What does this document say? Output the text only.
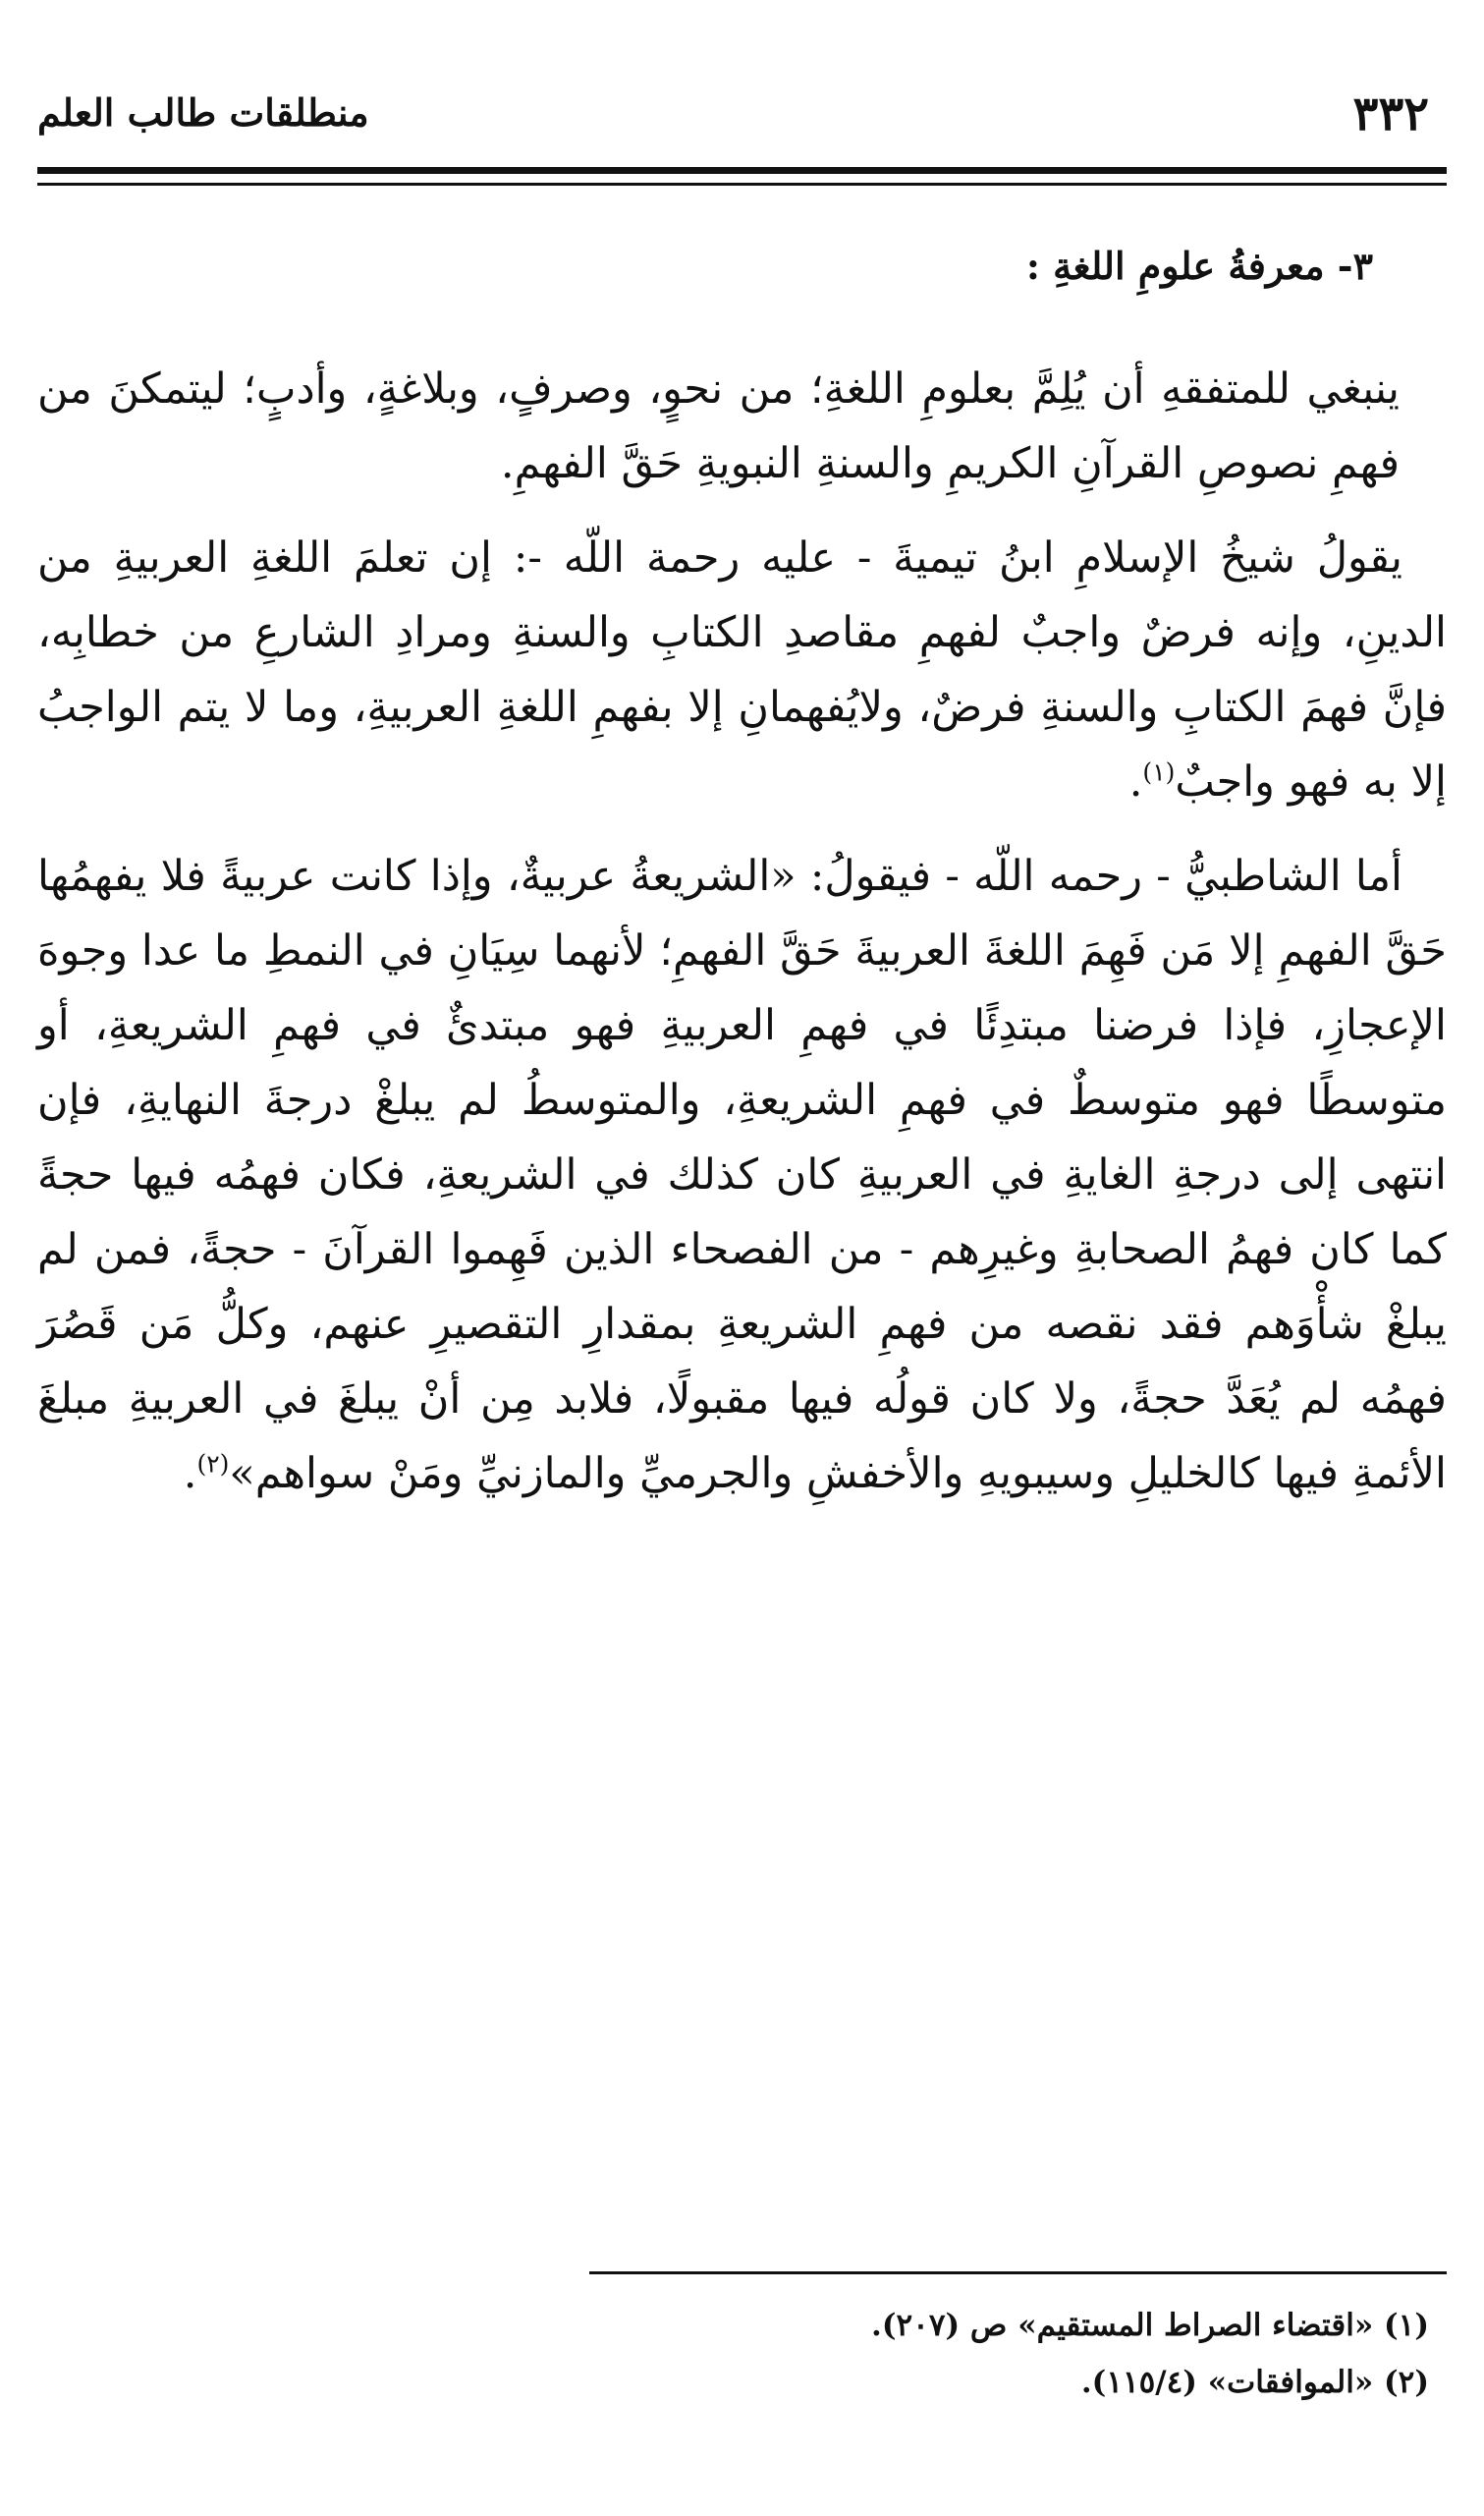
٣٣٢
منطلقات طالب العلم
٣- معرفةُ علومِ اللغةِ :

ينبغي للمتفقهِ أن يُلِمَّ بعلومِ اللغةِ؛ من نحوٍ، وصرفٍ، وبلاغةٍ، وأدبٍ؛ ليتمكنَ من فهمِ نصوصِ القرآنِ الكريمِ والسنةِ النبويةِ حَقَّ الفهمِ.

يقولُ شيخُ الإسلامِ ابنُ تيميةَ - عليه رحمة اللّه -: إن تعلمَ اللغةِ العربيةِ من الدينِ، وإنه فرضٌ واجبٌ لفهمِ مقاصدِ الكتابِ والسنةِ ومرادِ الشارعِ من خطابِه، فإنَّ فهمَ الكتابِ والسنةِ فرضٌ، ولايُفهمانِ إلا بفهمِ اللغةِ العربيةِ، وما لا يتم الواجبُ إلا به فهو واجبٌ$^{(١)}$.

أما الشاطبيُّ - رحمه اللّه - فيقولُ: «الشريعةُ عربيةٌ، وإذا كانت عربيةً فلا يفهمُها حَقَّ الفهمِ إلا مَن فَهِمَ اللغةَ العربيةَ حَقَّ الفهمِ؛ لأنهما سِيَانِ في النمطِ ما عدا وجوهَ الإعجازِ، فإذا فرضنا مبتدِئًا في فهمِ العربيةِ فهو مبتدئٌ في فهمِ الشريعةِ، أو متوسطًا فهو متوسطٌ في فهمِ الشريعةِ، والمتوسطُ لم يبلغْ درجةَ النهايةِ، فإن انتهى إلى درجةِ الغايةِ في العربيةِ كان كذلك في الشريعةِ، فكان فهمُه فيها حجةً كما كان فهمُ الصحابةِ وغيرِهم - من الفصحاء الذين فَهِموا القرآنَ - حجةً، فمن لم يبلغْ شأْوَهم فقد نقصه من فهمِ الشريعةِ بمقدارِ التقصيرِ عنهم، وكلُّ مَن قَصُرَ فهمُه لم يُعَدَّ حجةً، ولا كان قولُه فيها مقبولًا، فلابد مِن أنْ يبلغَ في العربيةِ مبلغَ الأئمةِ فيها كالخليلِ وسيبويهِ والأخفشِ والجرميِّ والمازنيِّ ومَنْ سواهم»$^{(٢)}$.

(١) «اقتضاء الصراط المستقيم» ص (٢٠٧).

(٢) «الموافقات» (١١٥/٤).
